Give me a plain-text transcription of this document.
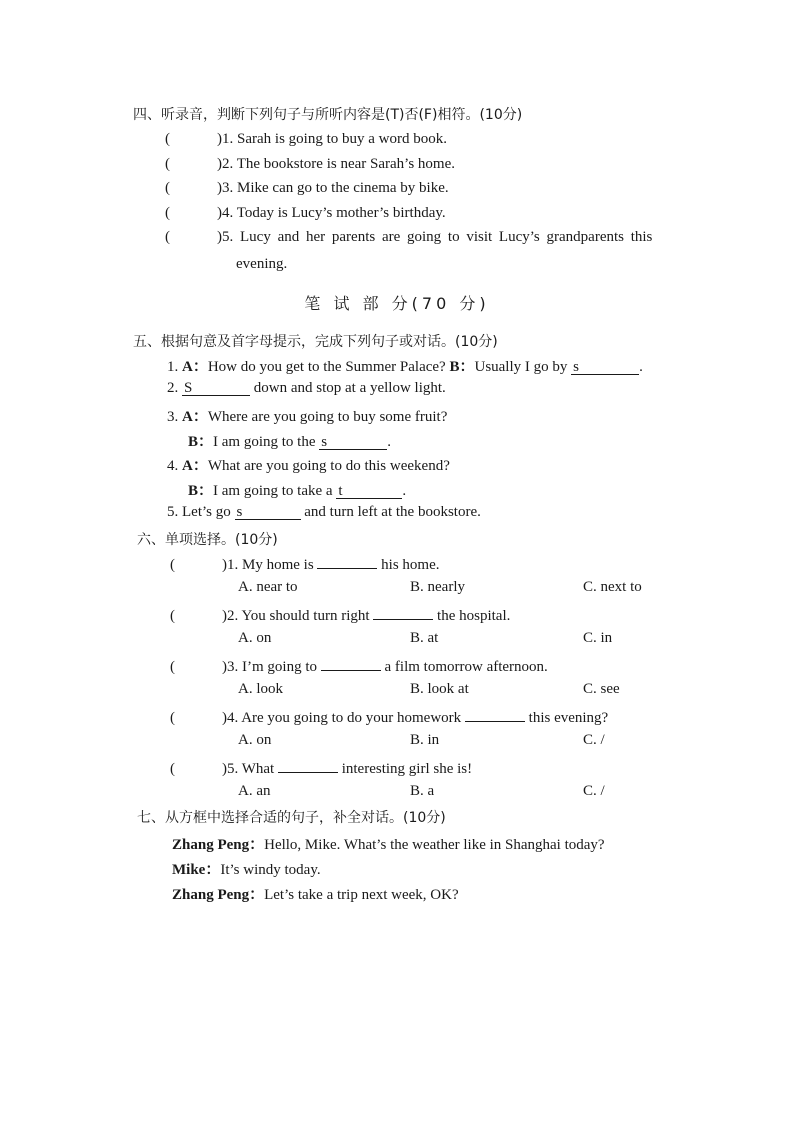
四、听录音，判断下列句子与所听内容是(T)否(F)相符。(10分)
(	)1. Sarah is going to buy a word book.
(	)2. The bookstore is near Sarah’s home.
(	)3. Mike can go to the cinema by bike.
(	)4. Today is Lucy’s mother’s birthday.
(	)5. Lucy and her parents are going to visit Lucy’s grandparents this
evening.
笔 试 部 分(70 分)
五、根据句意及首字母提示，完成下列句子或对话。(10分)
1. A：How do you get to the Summer Palace? B：Usually I go by s	.
2. S	down and stop at a yellow light.
3. A：Where are you going to buy some fruit?
B：I am going to the s	.
4. A：What are you going to do this weekend?
B：I am going to take a t	.
5. Let’s go s	and turn left at the bookstore.
六、单项选择。(10分)
(	)1. My home is	his home.
A. near to	B. nearly	C. next to
(	)2. You should turn right	the hospital.
A. on	B. at	C. in
(	)3. I’m going to	a film tomorrow afternoon.
A. look	B. look at	C. see
(	)4. Are you going to do your homework	this evening?
A. on	B. in	C. /
(	)5. What	interesting girl she is!
A. an	B. a	C. /
七、从方框中选择合适的句子，补全对话。(10分)
Zhang Peng：Hello, Mike. What’s the weather like in Shanghai today?
Mike：It’s windy today.
Zhang Peng：Let’s take a trip next week, OK?
